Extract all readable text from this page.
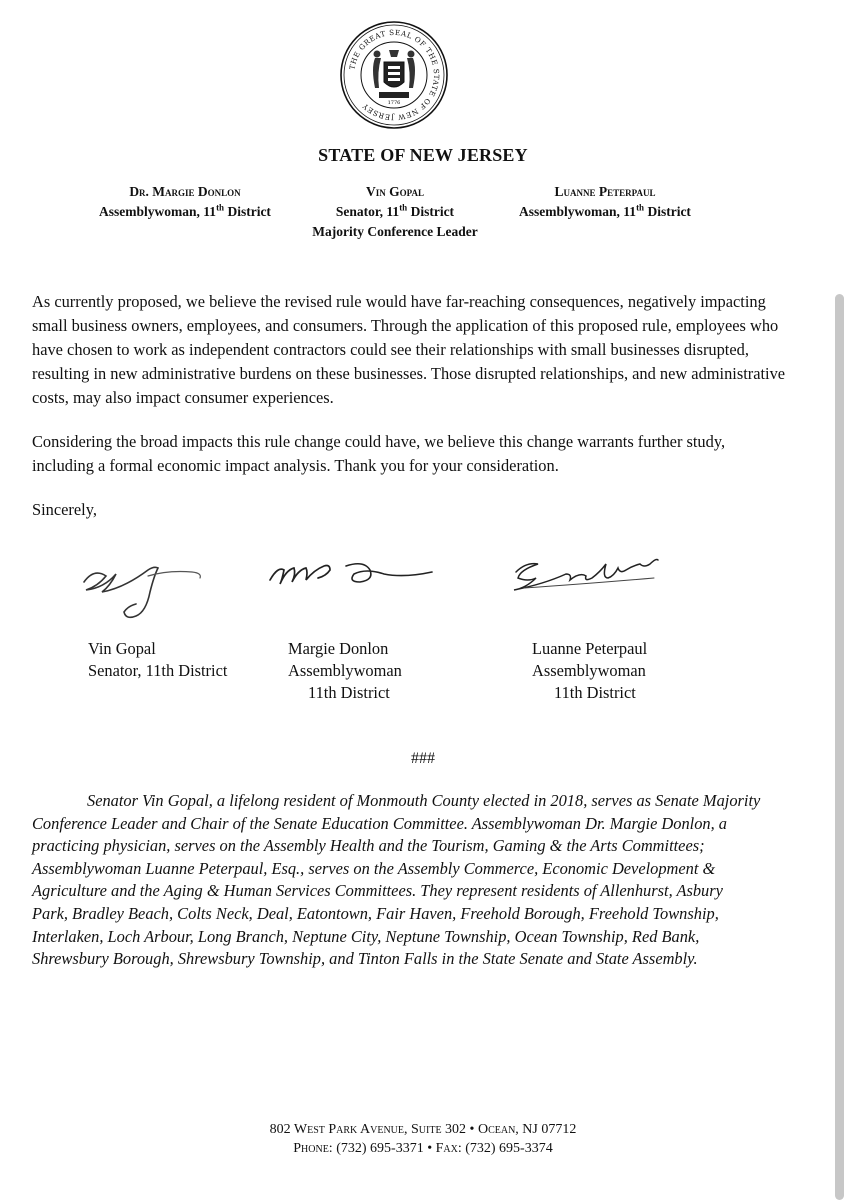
THE GREAT SEAL OF THE STATE OF NEW JERSEY	1776
STATE OF NEW JERSEY
Dr. Margie Donlon
Assemblywoman, 11th District
Vin Gopal
Senator, 11th District
Majority Conference Leader
Luanne Peterpaul
Assemblywoman, 11th District

As currently proposed, we believe the revised rule would have far-reaching consequences, negatively impacting small business owners, employees, and consumers. Through the application of this proposed rule, employees who have chosen to work as independent contractors could see their relationships with small businesses disrupted, resulting in new administrative burdens on these businesses. Those disrupted relationships, and new administrative costs, may also impact consumer experiences.

Considering the broad impacts this rule change could have, we believe this change warrants further study, including a formal economic impact analysis. Thank you for your consideration.

Sincerely,
Vin Gopal
Senator, 11th District
Margie Donlon
Assemblywoman
11th District
Luanne Peterpaul
Assemblywoman
11th District
###

Senator Vin Gopal, a lifelong resident of Monmouth County elected in 2018, serves as Senate Majority Conference Leader and Chair of the Senate Education Committee. Assemblywoman Dr. Margie Donlon, a practicing physician, serves on the Assembly Health and the Tourism, Gaming & the Arts Committees; Assemblywoman Luanne Peterpaul, Esq., serves on the Assembly Commerce, Economic Development & Agriculture and the Aging & Human Services Committees. They represent residents of Allenhurst, Asbury Park, Bradley Beach, Colts Neck, Deal, Eatontown, Fair Haven, Freehold Borough, Freehold Township, Interlaken, Loch Arbour, Long Branch, Neptune City, Neptune Township, Ocean Township, Red Bank, Shrewsbury Borough, Shrewsbury Township, and Tinton Falls in the State Senate and State Assembly.

802 West Park Avenue, Suite 302 • Ocean, NJ 07712
Phone: (732) 695-3371 • Fax: (732) 695-3374
